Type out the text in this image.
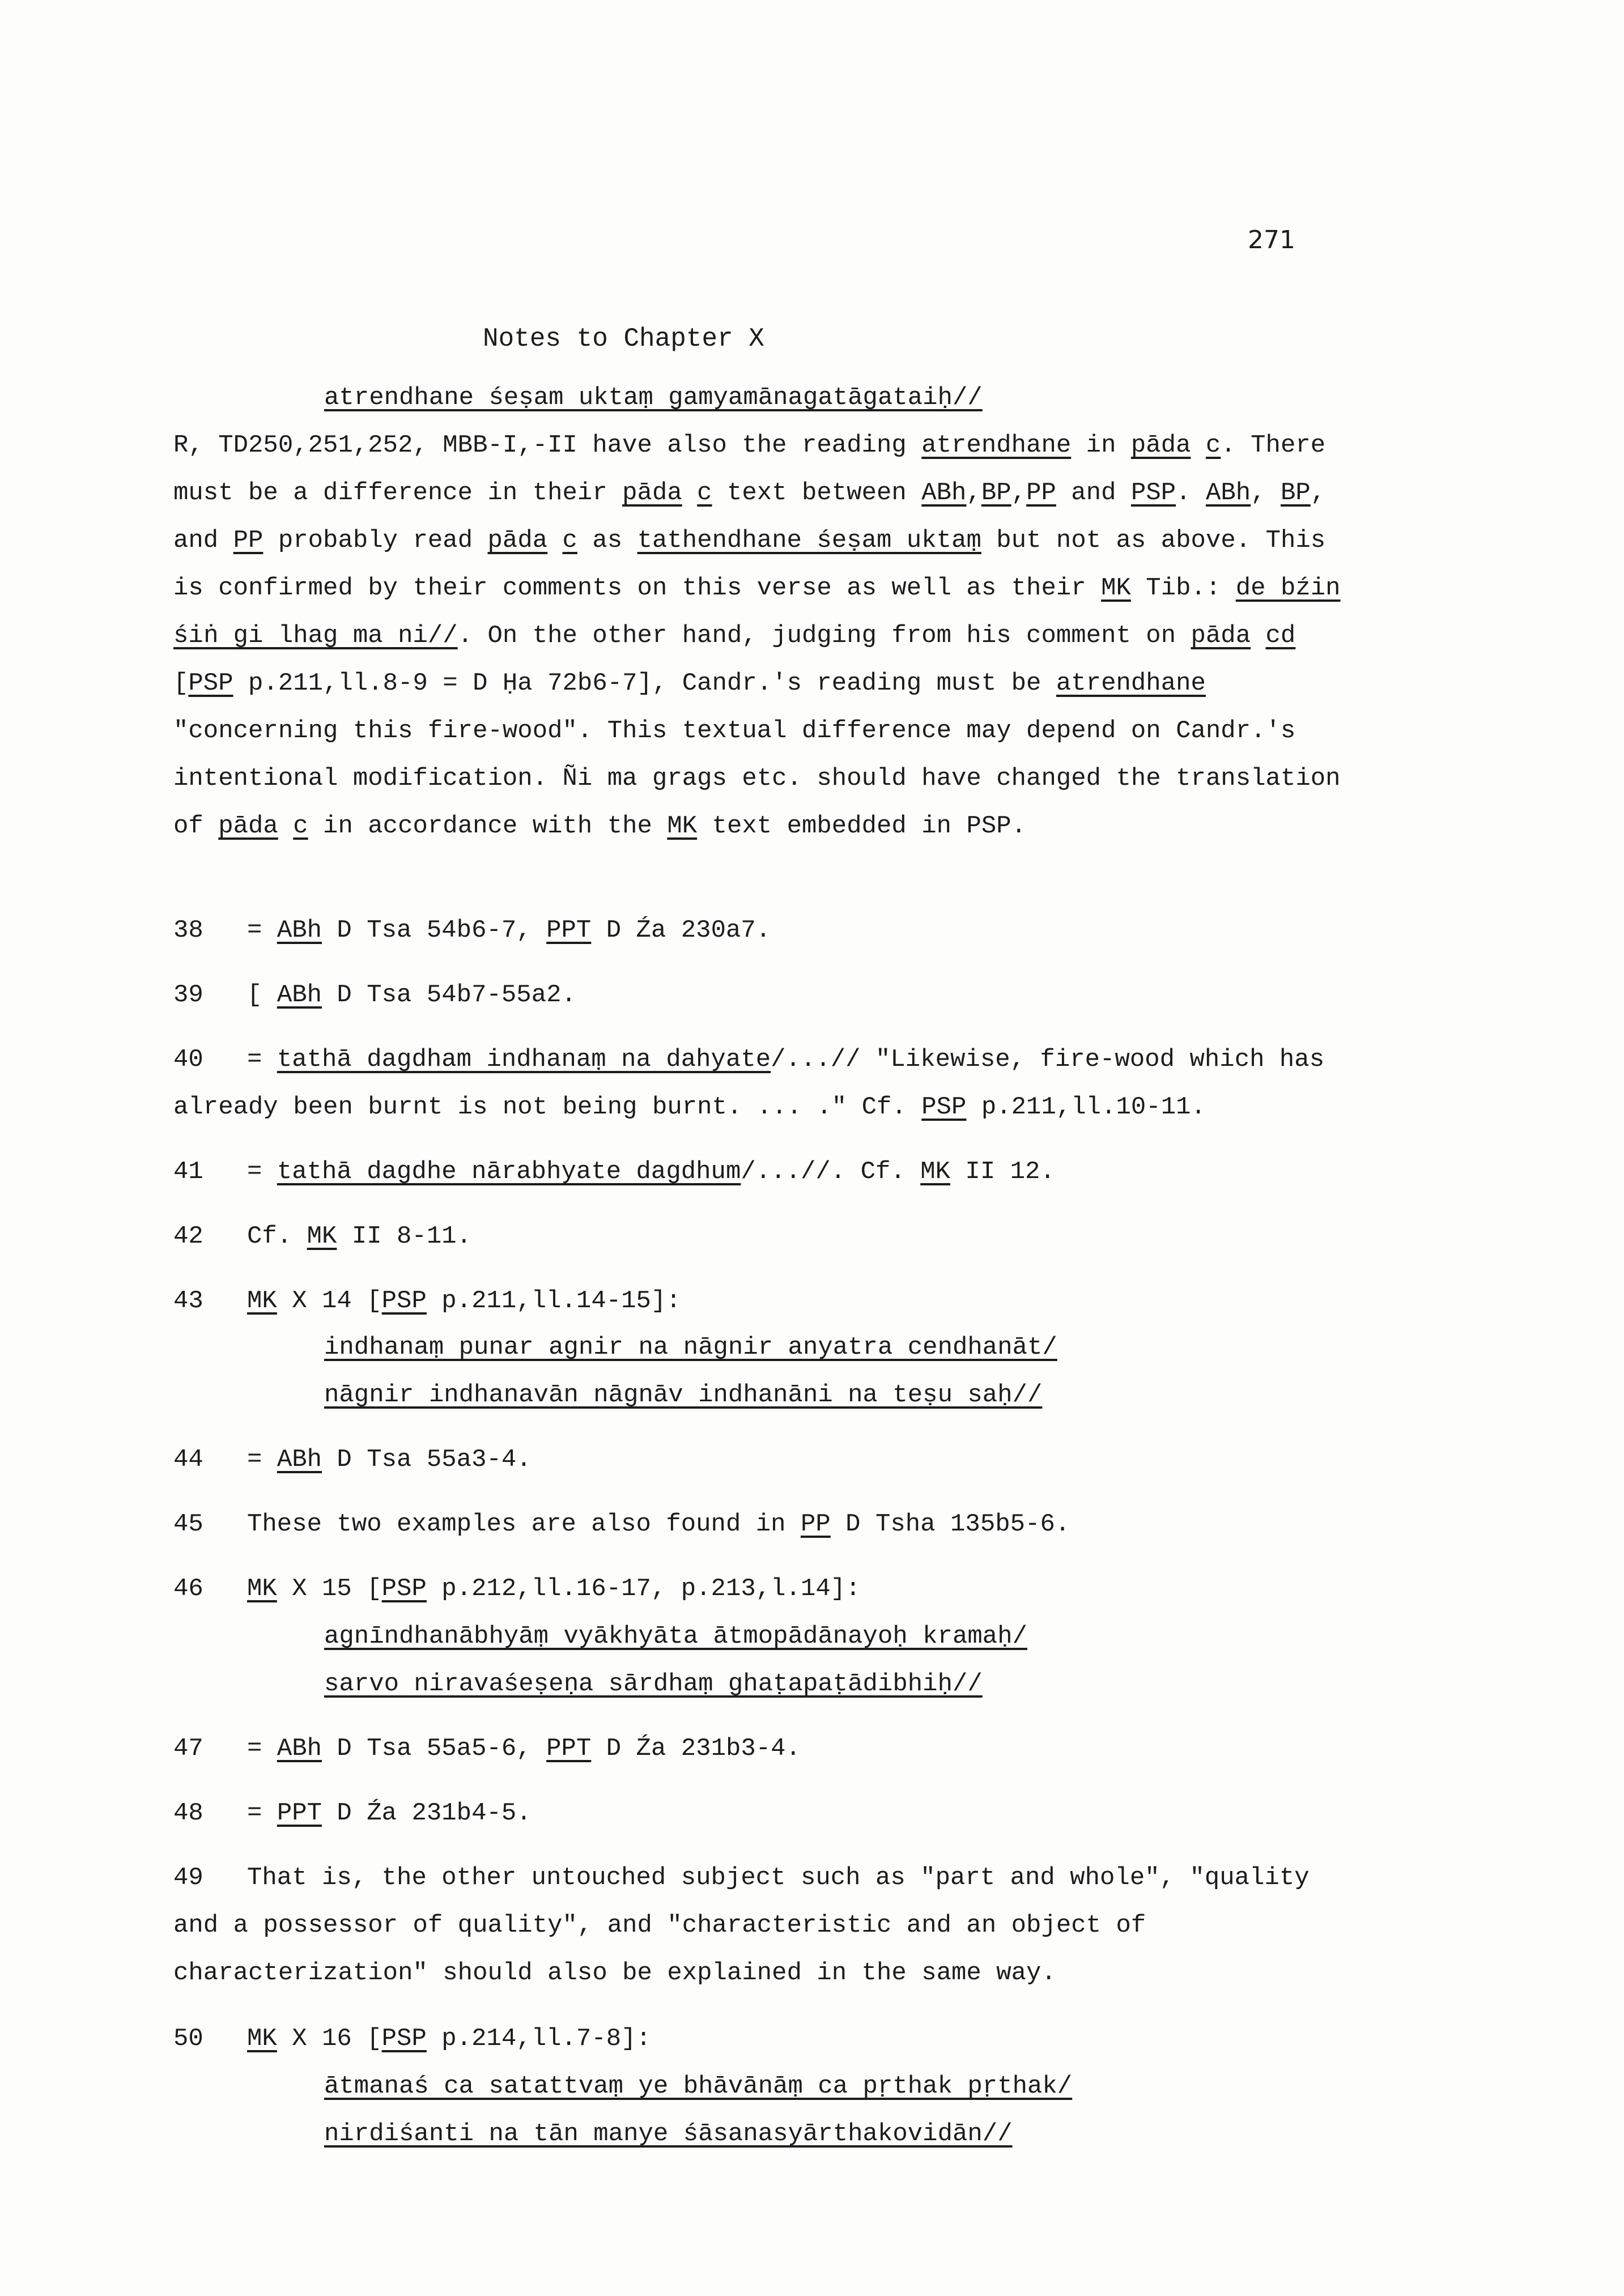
271
Notes to Chapter X
atrendhane śeṣam uktaṃ gamyamānagatāgataiḥ//

R, TD250,251,252, MBB-I,-II have also the reading atrendhane in pāda c. There must be a difference in their pāda c text between ABh,BP,PP and PSP. ABh, BP, and PP probably read pāda c as tathendhane śeṣam uktaṃ but not as above. This is confirmed by their comments on this verse as well as their MK Tib.: de bźin śiṅ gi lhag ma ni//. On the other hand, judging from his comment on pāda cd [PSP p.211,ll.8-9 = D Ḥa 72b6-7], Candr.'s reading must be atrendhane "concerning this fire-wood". This textual difference may depend on Candr.'s intentional modification. Ñi ma grags etc. should have changed the translation of pāda c in accordance with the MK text embedded in PSP.

38 = ABh D Tsa 54b6-7, PPT D Źa 230a7.

39 [ ABh D Tsa 54b7-55a2.

40 = tathā dagdham indhanaṃ na dahyate/...// "Likewise, fire-wood which has already been burnt is not being burnt. ... ." Cf. PSP p.211,ll.10-11.

41 = tathā dagdhe nārabhyate dagdhum/...//. Cf. MK II 12.

42 Cf. MK II 8-11.

43 MK X 14 [PSP p.211,ll.14-15]:

indhanaṃ punar agnir na nāgnir anyatra cendhanāt/
nāgnir indhanavān nāgnāv indhanāni na teṣu saḥ//

44 = ABh D Tsa 55a3-4.

45 These two examples are also found in PP D Tsha 135b5-6.

46 MK X 15 [PSP p.212,ll.16-17, p.213,l.14]:

agnīndhanābhyāṃ vyākhyāta ātmopādānayoḥ kramaḥ/
sarvo niravaśeṣeṇa sārdhaṃ ghaṭapaṭādibhiḥ//

47 = ABh D Tsa 55a5-6, PPT D Źa 231b3-4.

48 = PPT D Źa 231b4-5.

49 That is, the other untouched subject such as "part and whole", "quality and a possessor of quality", and "characteristic and an object of characterization" should also be explained in the same way.

50 MK X 16 [PSP p.214,ll.7-8]:

ātmanaś ca satattvaṃ ye bhāvānāṃ ca pṛthak pṛthak/
nirdiśanti na tān manye śāsanasyārthakovidān//
